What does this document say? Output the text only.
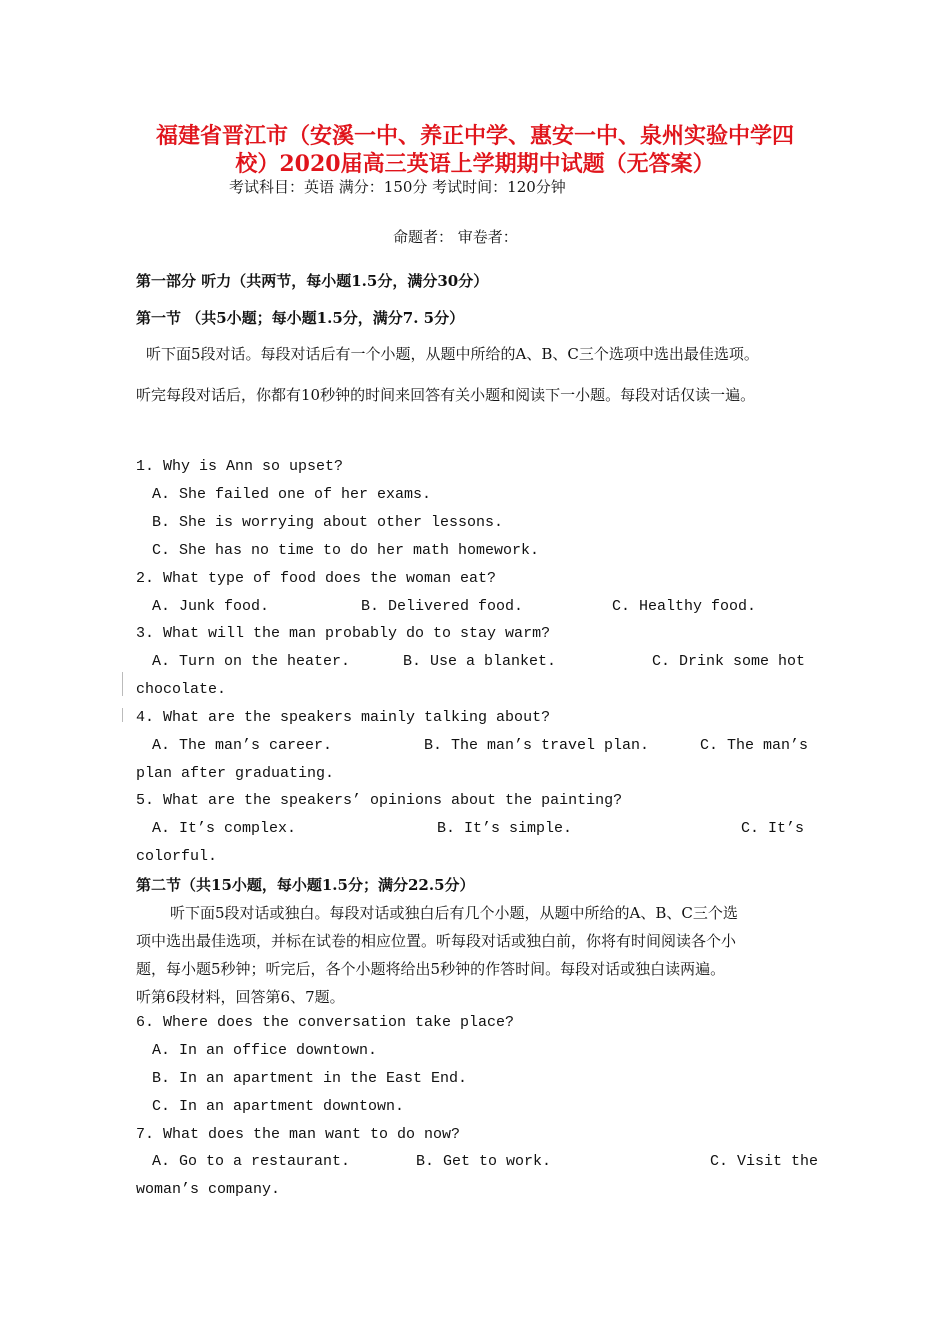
福建省晋江市（安溪一中、养正中学、惠安一中、泉州实验中学四
校）2020届高三英语上学期期中试题（无答案）
考试科目：英语 满分：150分 考试时间：120分钟
命题者： 审卷者：
第一部分 听力（共两节，每小题1.5分，满分30分）
第一节 （共5小题；每小题1.5分，满分7. 5分）
听下面5段对话。每段对话后有一个小题，从题中所给的A、B、C三个选项中选出最佳选项。
听完每段对话后，你都有10秒钟的时间来回答有关小题和阅读下一小题。每段对话仅读一遍。
1. Why is Ann so upset?
A. She failed one of her exams.
B. She is worrying about other lessons.
C. She has no time to do her math homework.
2. What type of food does the woman eat?
A. Junk food.	B. Delivered food.	C. Healthy food.
3. What will the man probably do to stay warm?
A. Turn on the heater.	B. Use a blanket.	C. Drink some hot
chocolate.
4. What are the speakers mainly talking about?
A. The man’s career.	B. The man’s travel plan.	C. The man’s
plan after graduating.
5. What are the speakers’ opinions about the painting?
A. It’s complex.	B. It’s simple.	C. It’s
colorful.
第二节（共15小题，每小题1.5分；满分22.5分）
听下面5段对话或独白。每段对话或独白后有几个小题，从题中所给的A、B、C三个选
项中选出最佳选项，并标在试卷的相应位置。听每段对话或独白前，你将有时间阅读各个小
题，每小题5秒钟；听完后，各个小题将给出5秒钟的作答时间。每段对话或独白读两遍。
听第6段材料，回答第6、7题。
6. Where does the conversation take place?
A. In an office downtown.
B. In an apartment in the East End.
C. In an apartment downtown.
7. What does the man want to do now?
A. Go to a restaurant.	B. Get to work.	C. Visit the
woman’s company.
